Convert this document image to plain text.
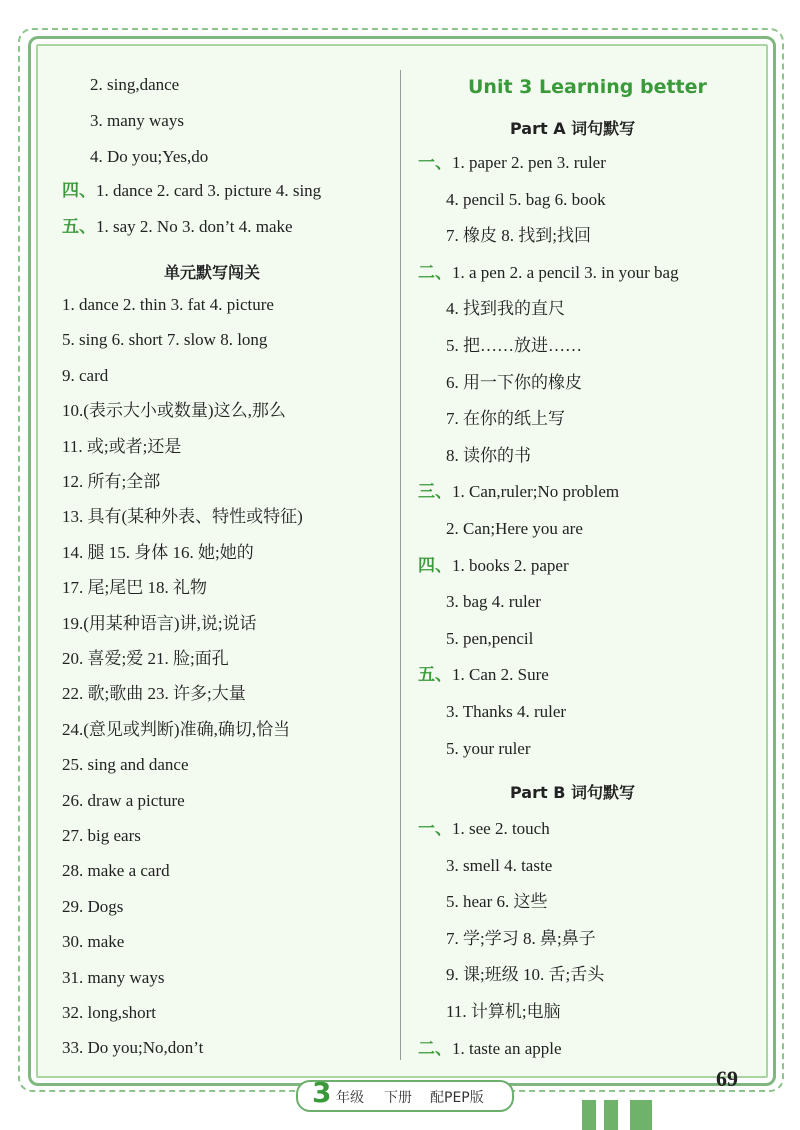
2. sing,dance
3. many ways
4. Do you;Yes,do
四、1. dance 2. card 3. picture 4. sing
五、1. say 2. No 3. don’t 4. make
单元默写闯关
1. dance 2. thin 3. fat 4. picture
5. sing 6. short 7. slow 8. long
9. card
10.(表示大小或数量)这么,那么
11. 或;或者;还是
12. 所有;全部
13. 具有(某种外表、特性或特征)
14. 腿 15. 身体 16. 她;她的
17. 尾;尾巴 18. 礼物
19.(用某种语言)讲,说;说话
20. 喜爱;爱 21. 脸;面孔
22. 歌;歌曲 23. 许多;大量
24.(意见或判断)准确,确切,恰当
25. sing and dance
26. draw a picture
27. big ears
28. make a card
29. Dogs
30. make
31. many ways
32. long,short
33. Do you;No,don’t
Unit 3 Learning better
Part A 词句默写
一、1. paper 2. pen 3. ruler
4. pencil 5. bag 6. book
7. 橡皮 8. 找到;找回
二、1. a pen 2. a pencil 3. in your bag
4. 找到我的直尺
5. 把……放进……
6. 用一下你的橡皮
7. 在你的纸上写
8. 读你的书
三、1. Can,ruler;No problem
2. Can;Here you are
四、1. books 2. paper
3. bag 4. ruler
5. pen,pencil
五、1. Can 2. Sure
3. Thanks 4. ruler
5. your ruler
Part B 词句默写
一、1. see 2. touch
3. smell 4. taste
5. hear 6. 这些
7. 学;学习 8. 鼻;鼻子
9. 课;班级 10. 舌;舌头
11. 计算机;电脑
二、1. taste an apple
69
3 年级 下册 配PEP版
